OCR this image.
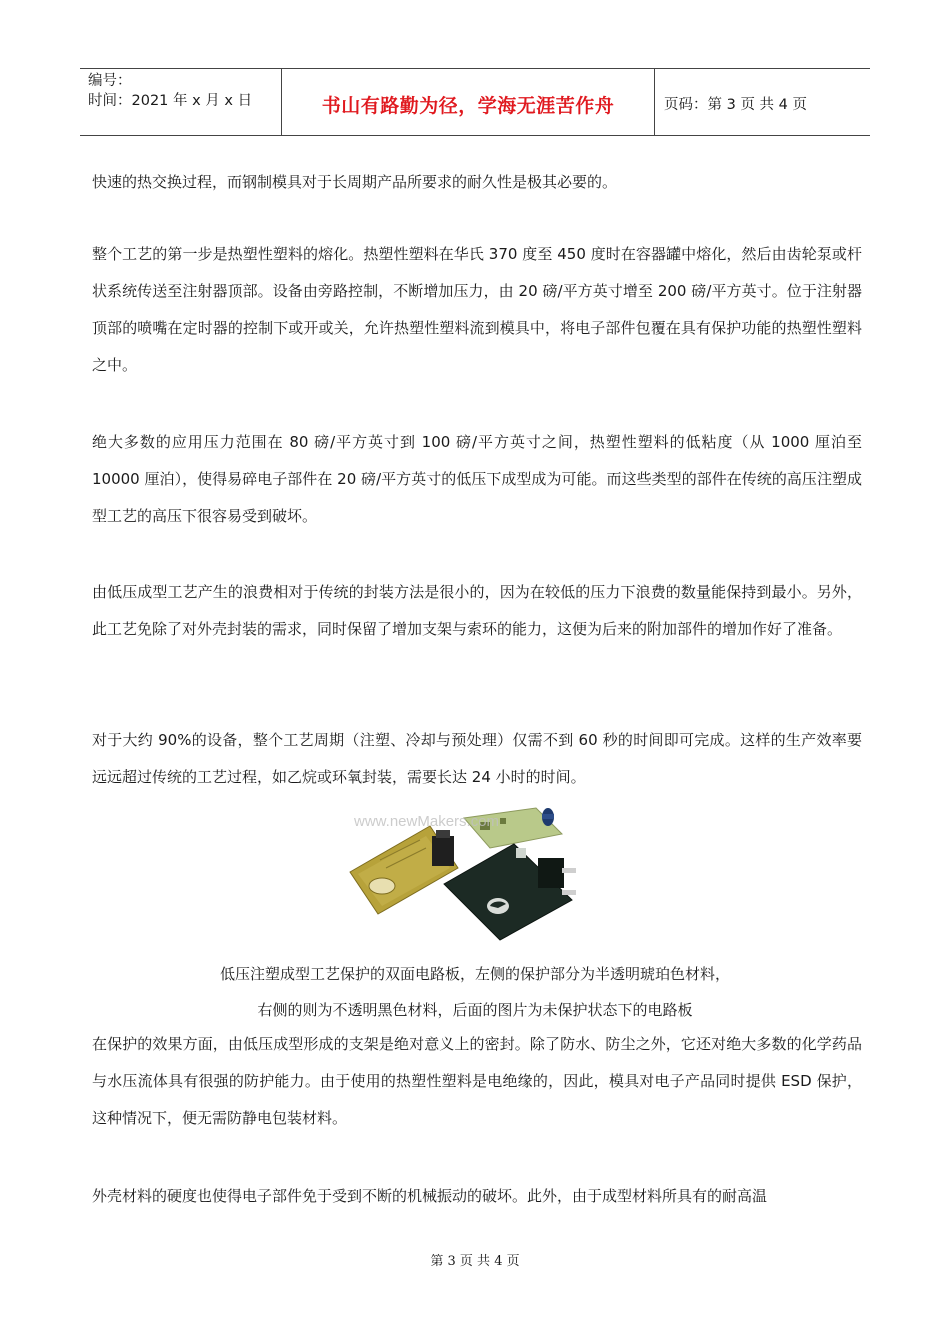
编号：
时间：2021 年 x 月 x 日	书山有路勤为径，学海无涯苦作舟	页码：第 3 页 共 4 页

快速的热交换过程，而钢制模具对于长周期产品所要求的耐久性是极其必要的。

整个工艺的第一步是热塑性塑料的熔化。热塑性塑料在华氏 370 度至 450 度时在容器罐中熔化，然后由齿轮泵或杆状系统传送至注射器顶部。设备由旁路控制，不断增加压力，由 20 磅/平方英寸增至 200 磅/平方英寸。位于注射器顶部的喷嘴在定时器的控制下或开或关，允许热塑性塑料流到模具中，将电子部件包覆在具有保护功能的热塑性塑料之中。

绝大多数的应用压力范围在 80 磅/平方英寸到 100 磅/平方英寸之间，热塑性塑料的低粘度（从 1000 厘泊至 10000 厘泊），使得易碎电子部件在 20 磅/平方英寸的低压下成型成为可能。而这些类型的部件在传统的高压注塑成型工艺的高压下很容易受到破坏。

由低压成型工艺产生的浪费相对于传统的封装方法是很小的，因为在较低的压力下浪费的数量能保持到最小。另外，此工艺免除了对外壳封装的需求，同时保留了增加支架与索环的能力，这便为后来的附加部件的增加作好了准备。

对于大约 90%的设备，整个工艺周期（注塑、冷却与预处理）仅需不到 60 秒的时间即可完成。这样的生产效率要远远超过传统的工艺过程，如乙烷或环氧封装，需要长达 24 小时的时间。

www.newMakers.com
低压注塑成型工艺保护的双面电路板，左侧的保护部分为半透明琥珀色材料，
右侧的则为不透明黑色材料，后面的图片为未保护状态下的电路板

在保护的效果方面，由低压成型形成的支架是绝对意义上的密封。除了防水、防尘之外，它还对绝大多数的化学药品与水压流体具有很强的防护能力。由于使用的热塑性塑料是电绝缘的，因此，模具对电子产品同时提供 ESD 保护，这种情况下，便无需防静电包装材料。

外壳材料的硬度也使得电子部件免于受到不断的机械振动的破坏。此外，由于成型材料所具有的耐高温

第 3 页 共 4 页
